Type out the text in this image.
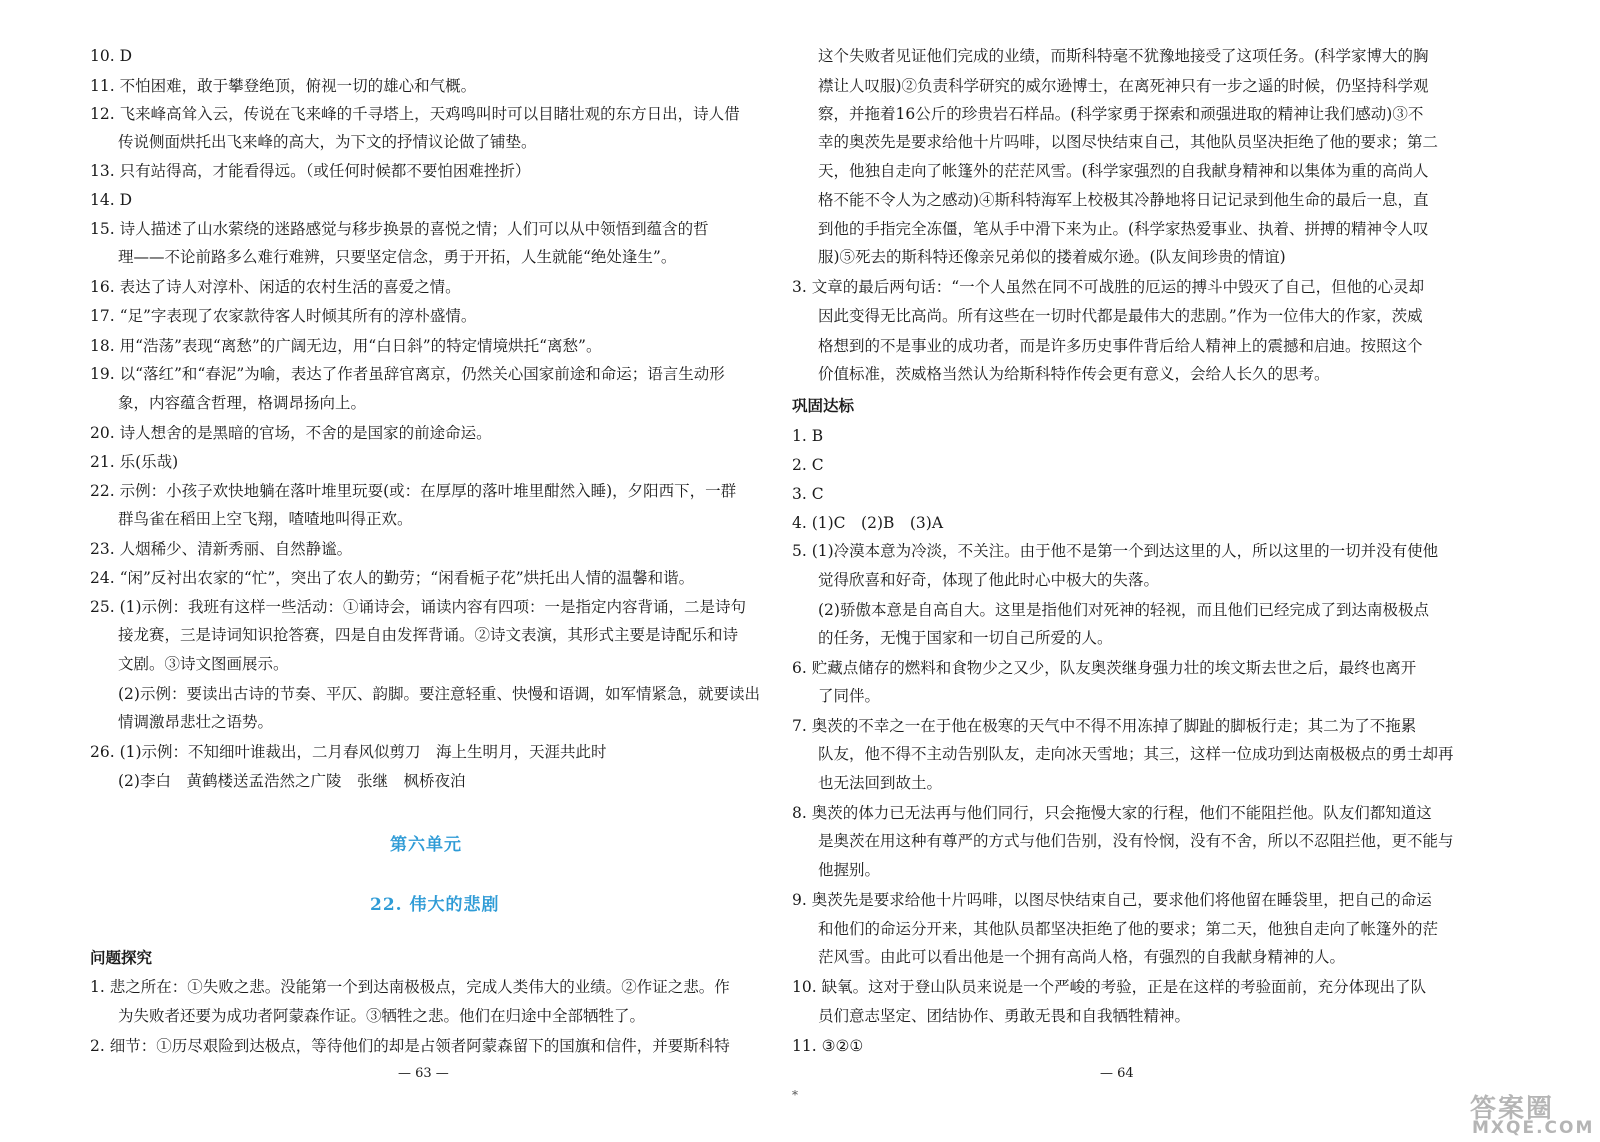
10. D
11. 不怕困难，敢于攀登绝顶，俯视一切的雄心和气概。
12. 飞来峰高耸入云，传说在飞来峰的千寻塔上，天鸡鸣叫时可以目睹壮观的东方日出，诗人借
传说侧面烘托出飞来峰的高大，为下文的抒情议论做了铺垫。
13. 只有站得高，才能看得远。（或任何时候都不要怕困难挫折）
14. D
15. 诗人描述了山水萦绕的迷路感觉与移步换景的喜悦之情；人们可以从中领悟到蕴含的哲
理——不论前路多么难行难辨，只要坚定信念，勇于开拓，人生就能“绝处逢生”。
16. 表达了诗人对淳朴、闲适的农村生活的喜爱之情。
17. “足”字表现了农家款待客人时倾其所有的淳朴盛情。
18. 用“浩荡”表现“离愁”的广阔无边，用“白日斜”的特定情境烘托“离愁”。
19. 以“落红”和“春泥”为喻，表达了作者虽辞官离京，仍然关心国家前途和命运；语言生动形
象，内容蕴含哲理，格调昂扬向上。
20. 诗人想舍的是黑暗的官场，不舍的是国家的前途命运。
21. 乐(乐哉)
22. 示例：小孩子欢快地躺在落叶堆里玩耍(或：在厚厚的落叶堆里酣然入睡)，夕阳西下，一群
群鸟雀在稻田上空飞翔，喳喳地叫得正欢。
23. 人烟稀少、清新秀丽、自然静谧。
24. “闲”反衬出农家的“忙”，突出了农人的勤劳；“闲看栀子花”烘托出人情的温馨和谐。
25. (1)示例：我班有这样一些活动：①诵诗会，诵读内容有四项：一是指定内容背诵，二是诗句
接龙赛，三是诗词知识抢答赛，四是自由发挥背诵。②诗文表演，其形式主要是诗配乐和诗
文剧。③诗文图画展示。
(2)示例：要读出古诗的节奏、平仄、韵脚。要注意轻重、快慢和语调，如军情紧急，就要读出
情调激昂悲壮之语势。
26. (1)示例：不知细叶谁裁出，二月春风似剪刀　海上生明月，天涯共此时
(2)李白　黄鹤楼送孟浩然之广陵　张继　枫桥夜泊
第六单元
22. 伟大的悲剧
问题探究
1. 悲之所在：①失败之悲。没能第一个到达南极极点，完成人类伟大的业绩。②作证之悲。作
为失败者还要为成功者阿蒙森作证。③牺牲之悲。他们在归途中全部牺牲了。
2. 细节：①历尽艰险到达极点，等待他们的却是占领者阿蒙森留下的国旗和信件，并要斯科特
— 63 —
这个失败者见证他们完成的业绩，而斯科特毫不犹豫地接受了这项任务。(科学家博大的胸
襟让人叹服)②负责科学研究的威尔逊博士，在离死神只有一步之遥的时候，仍坚持科学观
察，并拖着16公斤的珍贵岩石样品。(科学家勇于探索和顽强进取的精神让我们感动)③不
幸的奥茨先是要求给他十片吗啡，以图尽快结束自己，其他队员坚决拒绝了他的要求；第二
天，他独自走向了帐篷外的茫茫风雪。(科学家强烈的自我献身精神和以集体为重的高尚人
格不能不令人为之感动)④斯科特海军上校极其冷静地将日记记录到他生命的最后一息，直
到他的手指完全冻僵，笔从手中滑下来为止。(科学家热爱事业、执着、拼搏的精神令人叹
服)⑤死去的斯科特还像亲兄弟似的搂着威尔逊。(队友间珍贵的情谊)
3. 文章的最后两句话：“一个人虽然在同不可战胜的厄运的搏斗中毁灭了自己，但他的心灵却
因此变得无比高尚。所有这些在一切时代都是最伟大的悲剧。”作为一位伟大的作家，茨威
格想到的不是事业的成功者，而是许多历史事件背后给人精神上的震撼和启迪。按照这个
价值标准，茨威格当然认为给斯科特作传会更有意义，会给人长久的思考。
巩固达标
1. B
2. C
3. C
4. (1)C　(2)B　(3)A
5. (1)冷漠本意为冷淡，不关注。由于他不是第一个到达这里的人，所以这里的一切并没有使他
觉得欣喜和好奇，体现了他此时心中极大的失落。
(2)骄傲本意是自高自大。这里是指他们对死神的轻视，而且他们已经完成了到达南极极点
的任务，无愧于国家和一切自己所爱的人。
6. 贮藏点储存的燃料和食物少之又少，队友奥茨继身强力壮的埃文斯去世之后，最终也离开
了同伴。
7. 奥茨的不幸之一在于他在极寒的天气中不得不用冻掉了脚趾的脚板行走；其二为了不拖累
队友，他不得不主动告别队友，走向冰天雪地；其三，这样一位成功到达南极极点的勇士却再
也无法回到故土。
8. 奥茨的体力已无法再与他们同行，只会拖慢大家的行程，他们不能阻拦他。队友们都知道这
是奥茨在用这种有尊严的方式与他们告别，没有怜悯，没有不舍，所以不忍阻拦他，更不能与
他握别。
9. 奥茨先是要求给他十片吗啡，以图尽快结束自己，要求他们将他留在睡袋里，把自己的命运
和他们的命运分开来，其他队员都坚决拒绝了他的要求；第二天，他独自走向了帐篷外的茫
茫风雪。由此可以看出他是一个拥有高尚人格，有强烈的自我献身精神的人。
10. 缺氧。这对于登山队员来说是一个严峻的考验，正是在这样的考验面前，充分体现出了队
员们意志坚定、团结协作、勇敢无畏和自我牺牲精神。
11. ③②①
— 64
*	答案圈
MXQE.COM
